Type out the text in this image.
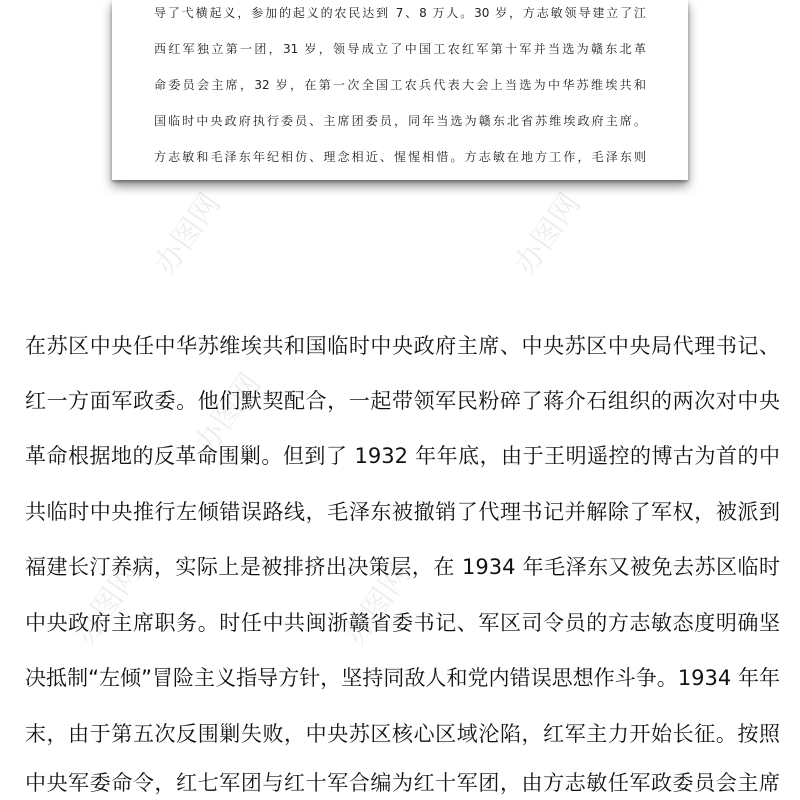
导了弋横起义，参加的起义的农民达到 7、8 万人。30 岁，方志敏领导建立了江
西红军独立第一团，31 岁，领导成立了中国工农红军第十军并当选为赣东北革
命委员会主席，32 岁，在第一次全国工农兵代表大会上当选为中华苏维埃共和
国临时中央政府执行委员、主席团委员，同年当选为赣东北省苏维埃政府主席。
方志敏和毛泽东年纪相仿、理念相近、惺惺相惜。方志敏在地方工作，毛泽东则
在苏区中央任中华苏维埃共和国临时中央政府主席、中央苏区中央局代理书记、
红一方面军政委。他们默契配合，一起带领军民粉碎了蒋介石组织的两次对中央
革命根据地的反革命围剿。但到了 1932 年年底，由于王明遥控的博古为首的中
共临时中央推行左倾错误路线，毛泽东被撤销了代理书记并解除了军权，被派到
福建长汀养病，实际上是被排挤出决策层，在 1934 年毛泽东又被免去苏区临时
中央政府主席职务。时任中共闽浙赣省委书记、军区司令员的方志敏态度明确坚
决抵制“左倾”冒险主义指导方针，坚持同敌人和党内错误思想作斗争。1934 年年
末，由于第五次反围剿失败，中央苏区核心区域沦陷，红军主力开始长征。按照
中央军委命令，红七军团与红十军合编为红十军团，由方志敏任军政委员会主席
办图网	办图网
办图网
办图网	办图网
